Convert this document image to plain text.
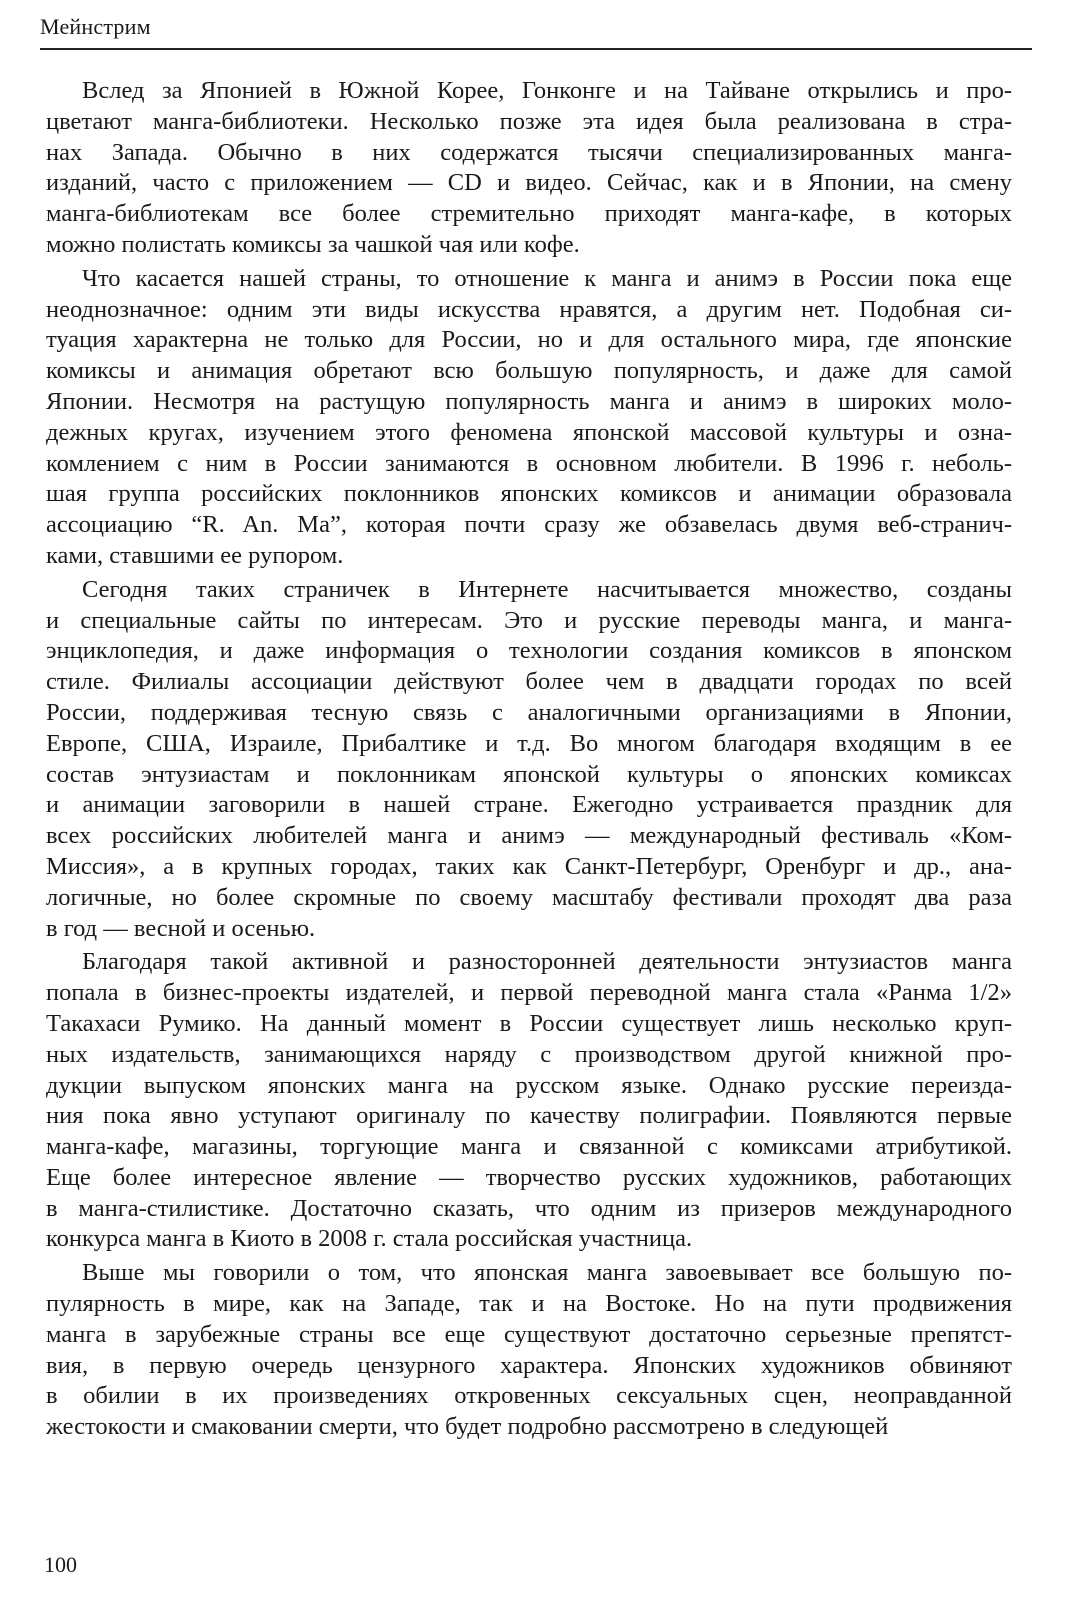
Мейнстрим

Вслед за Японией в Южной Корее, Гонконге и на Тайване открылись и про-
цветают манга-библиотеки. Несколько позже эта идея была реализована в стра-
нах Запада. Обычно в них содержатся тысячи специализированных манга-
изданий, часто с приложением — CD и видео. Сейчас, как и в Японии, на смену
манга-библиотекам все более стремительно приходят манга-кафе, в которых
можно полистать комиксы за чашкой чая или кофе.

Что касается нашей страны, то отношение к манга и анимэ в России пока еще
неоднозначное: одним эти виды искусства нравятся, а другим нет. Подобная си-
туация характерна не только для России, но и для остального мира, где японские
комиксы и анимация обретают всю большую популярность, и даже для самой
Японии. Несмотря на растущую популярность манга и анимэ в широких моло-
дежных кругах, изучением этого феномена японской массовой культуры и озна-
комлением с ним в России занимаются в основном любители. В 1996 г. неболь-
шая группа российских поклонников японских комиксов и анимации образовала
ассоциацию “R. An. Ma”, которая почти сразу же обзавелась двумя веб-странич-
ками, ставшими ее рупором.

Сегодня таких страничек в Интернете насчитывается множество, созданы
и специальные сайты по интересам. Это и русские переводы манга, и манга-
энциклопедия, и даже информация о технологии создания комиксов в японском
стиле. Филиалы ассоциации действуют более чем в двадцати городах по всей
России, поддерживая тесную связь с аналогичными организациями в Японии,
Европе, США, Израиле, Прибалтике и т.д. Во многом благодаря входящим в ее
состав энтузиастам и поклонникам японской культуры о японских комиксах
и анимации заговорили в нашей стране. Ежегодно устраивается праздник для
всех российских любителей манга и анимэ — международный фестиваль «Ком-
Миссия», а в крупных городах, таких как Санкт-Петербург, Оренбург и др., ана-
логичные, но более скромные по своему масштабу фестивали проходят два раза
в год — весной и осенью.

Благодаря такой активной и разносторонней деятельности энтузиастов манга
попала в бизнес-проекты издателей, и первой переводной манга стала «Ранма 1/2»
Такахаси Румико. На данный момент в России существует лишь несколько круп-
ных издательств, занимающихся наряду с производством другой книжной про-
дукции выпуском японских манга на русском языке. Однако русские переизда-
ния пока явно уступают оригиналу по качеству полиграфии. Появляются первые
манга-кафе, магазины, торгующие манга и связанной с комиксами атрибутикой.
Еще более интересное явление — творчество русских художников, работающих
в манга-стилистике. Достаточно сказать, что одним из призеров международного
конкурса манга в Киото в 2008 г. стала российская участница.

Выше мы говорили о том, что японская манга завоевывает все большую по-
пулярность в мире, как на Западе, так и на Востоке. Но на пути продвижения
манга в зарубежные страны все еще существуют достаточно серьезные препятст-
вия, в первую очередь цензурного характера. Японских художников обвиняют
в обилии в их произведениях откровенных сексуальных сцен, неоправданной
жестокости и смаковании смерти, что будет подробно рассмотрено в следующей

100
